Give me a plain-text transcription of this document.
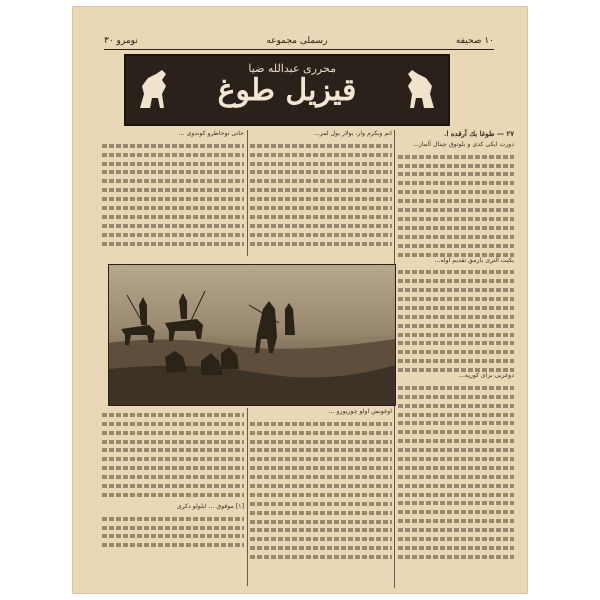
۱۰ صحیفه
رسملى مجموعه
نومرو ۳۰
محرری عبدالله ضیا
قیزیل طوغ

٢٧ — طوغا بك آرقده ا.

دورت ایکی کدی و بلوتوق چیتال آلماز...

یکیت آلتری یازمق تقدیم اوله...

دوغریی برای کورپه...

اتم ویکرم وار، یولار بول لمز...

حاتی توخاطرو کوندوی ...

اوغونش اولو چوریوزو ...

[۱] موقوق ... ايلولو دکری
